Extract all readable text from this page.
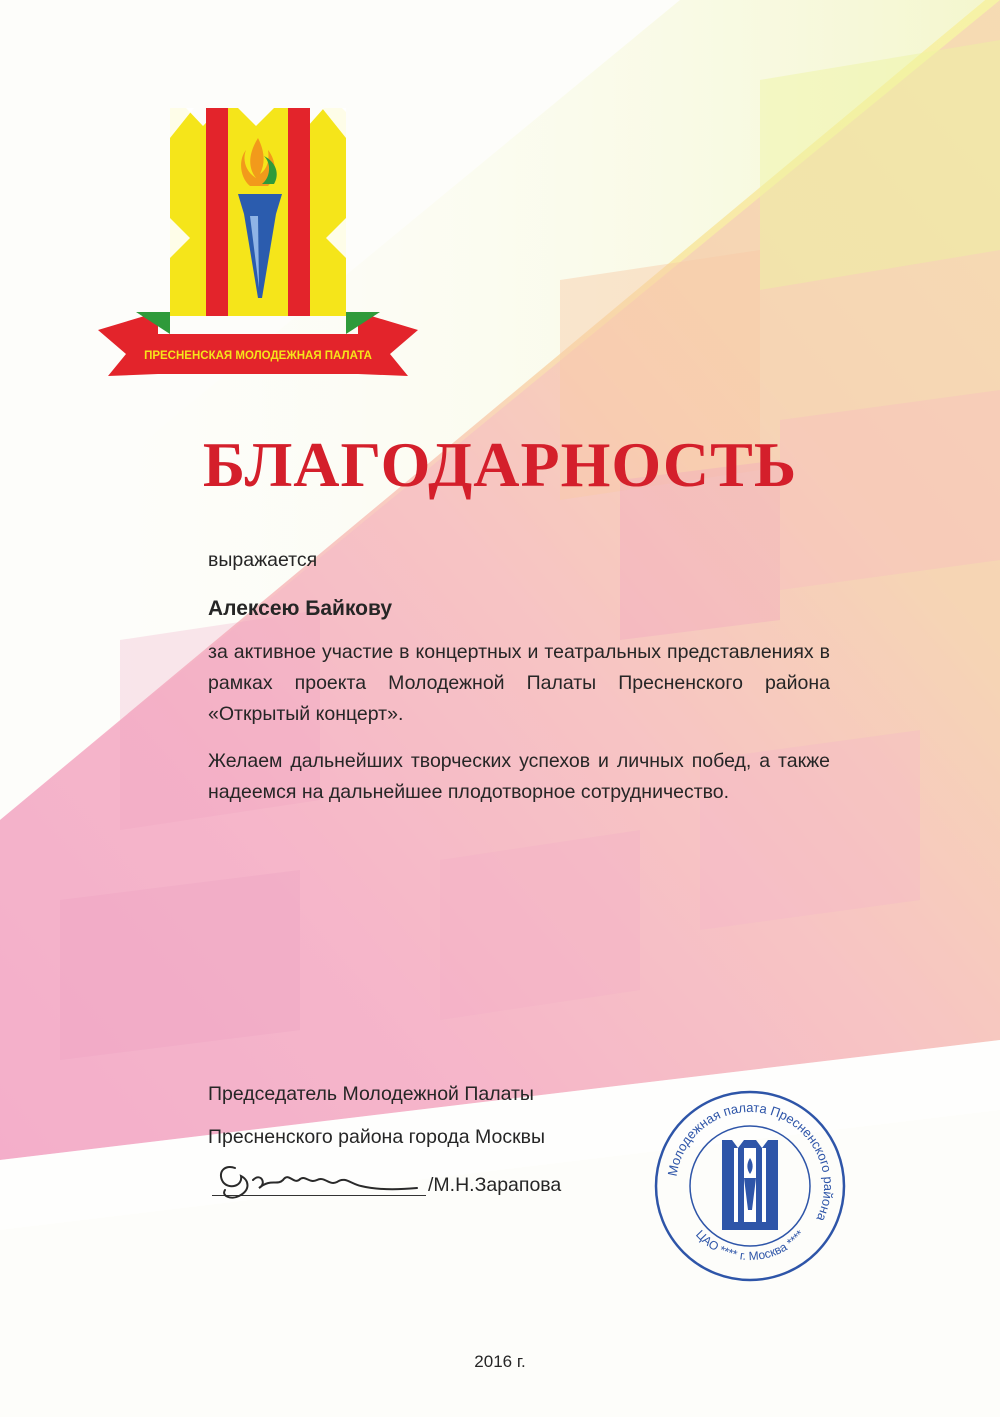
ПРЕСНЕНСКАЯ МОЛОДЕЖНАЯ ПАЛАТА
БЛАГОДАРНОСТЬ
выражается
Алексею Байкову
за активное участие в концертных и театральных представлениях в рамках проекта Молодежной Палаты Пресненского района «Открытый концерт».
Желаем дальнейших творческих успехов и личных побед, а также надеемся на дальнейшее плодотворное сотрудничество.
Председатель Молодежной Палаты
Пресненского района города Москвы
/М.Н.Зарапова
Молодежная палата Пресненского района
ЦАО **** г. Москва ****
2016 г.
